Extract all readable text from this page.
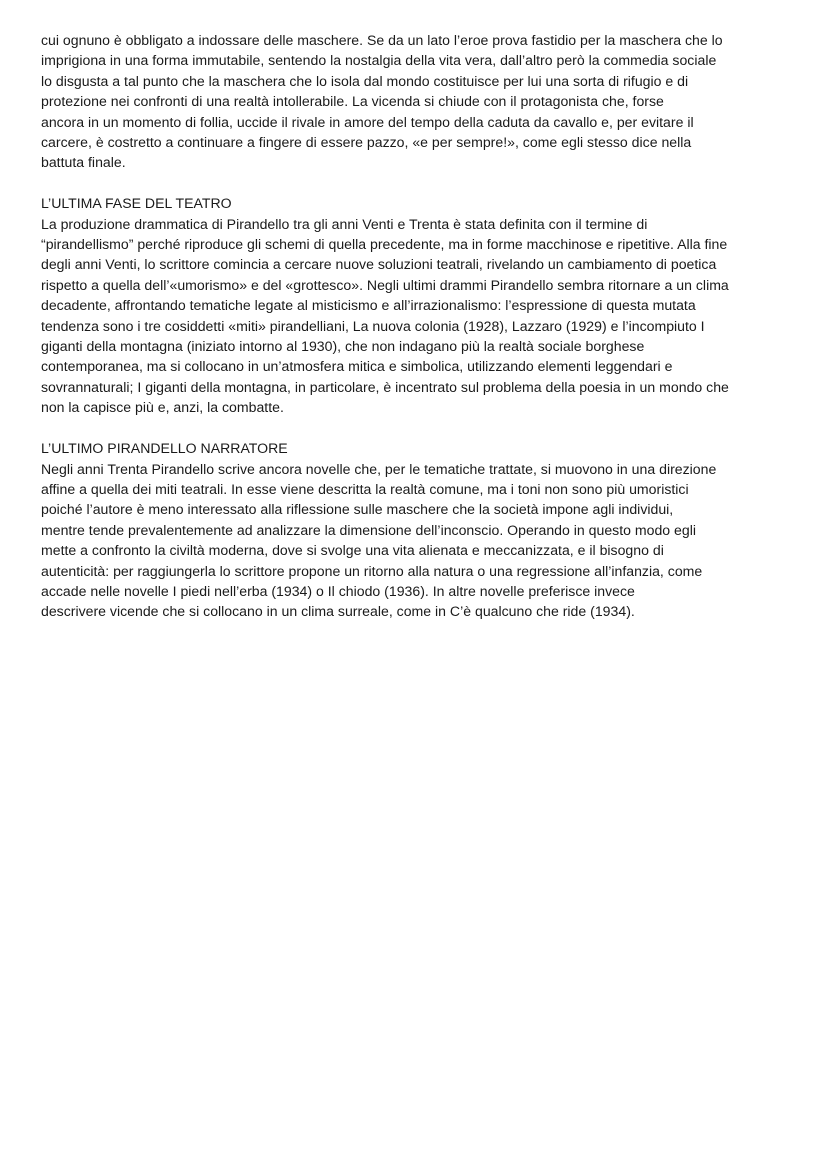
cui ognuno è obbligato a indossare delle maschere. Se da un lato l’eroe prova fastidio per la maschera che lo
imprigiona in una forma immutabile, sentendo la nostalgia della vita vera, dall’altro però la commedia sociale
lo disgusta a tal punto che la maschera che lo isola dal mondo costituisce per lui una sorta di rifugio e di
protezione nei confronti di una realtà intollerabile. La vicenda si chiude con il protagonista che, forse
ancora in un momento di follia, uccide il rivale in amore del tempo della caduta da cavallo e, per evitare il
carcere, è costretto a continuare a fingere di essere pazzo, «e per sempre!», come egli stesso dice nella
battuta finale.
L’ULTIMA FASE DEL TEATRO
La produzione drammatica di Pirandello tra gli anni Venti e Trenta è stata definita con il termine di
“pirandellismo” perché riproduce gli schemi di quella precedente, ma in forme macchinose e ripetitive. Alla fine
degli anni Venti, lo scrittore comincia a cercare nuove soluzioni teatrali, rivelando un cambiamento di poetica
rispetto a quella dell’«umorismo» e del «grottesco». Negli ultimi drammi Pirandello sembra ritornare a un clima
decadente, affrontando tematiche legate al misticismo e all’irrazionalismo: l’espressione di questa mutata
tendenza sono i tre cosiddetti «miti» pirandelliani, La nuova colonia (1928), Lazzaro (1929) e l’incompiuto I
giganti della montagna (iniziato intorno al 1930), che non indagano più la realtà sociale borghese
contemporanea, ma si collocano in un’atmosfera mitica e simbolica, utilizzando elementi leggendari e
sovrannaturali; I giganti della montagna, in particolare, è incentrato sul problema della poesia in un mondo che
non la capisce più e, anzi, la combatte.
L’ULTIMO PIRANDELLO NARRATORE
Negli anni Trenta Pirandello scrive ancora novelle che, per le tematiche trattate, si muovono in una direzione
affine a quella dei miti teatrali. In esse viene descritta la realtà comune, ma i toni non sono più umoristici
poiché l’autore è meno interessato alla riflessione sulle maschere che la società impone agli individui,
mentre tende prevalentemente ad analizzare la dimensione dell’inconscio. Operando in questo modo egli
mette a confronto la civiltà moderna, dove si svolge una vita alienata e meccanizzata, e il bisogno di
autenticità: per raggiungerla lo scrittore propone un ritorno alla natura o una regressione all’infanzia, come
accade nelle novelle I piedi nell’erba (1934) o Il chiodo (1936). In altre novelle preferisce invece
descrivere vicende che si collocano in un clima surreale, come in C’è qualcuno che ride (1934).
